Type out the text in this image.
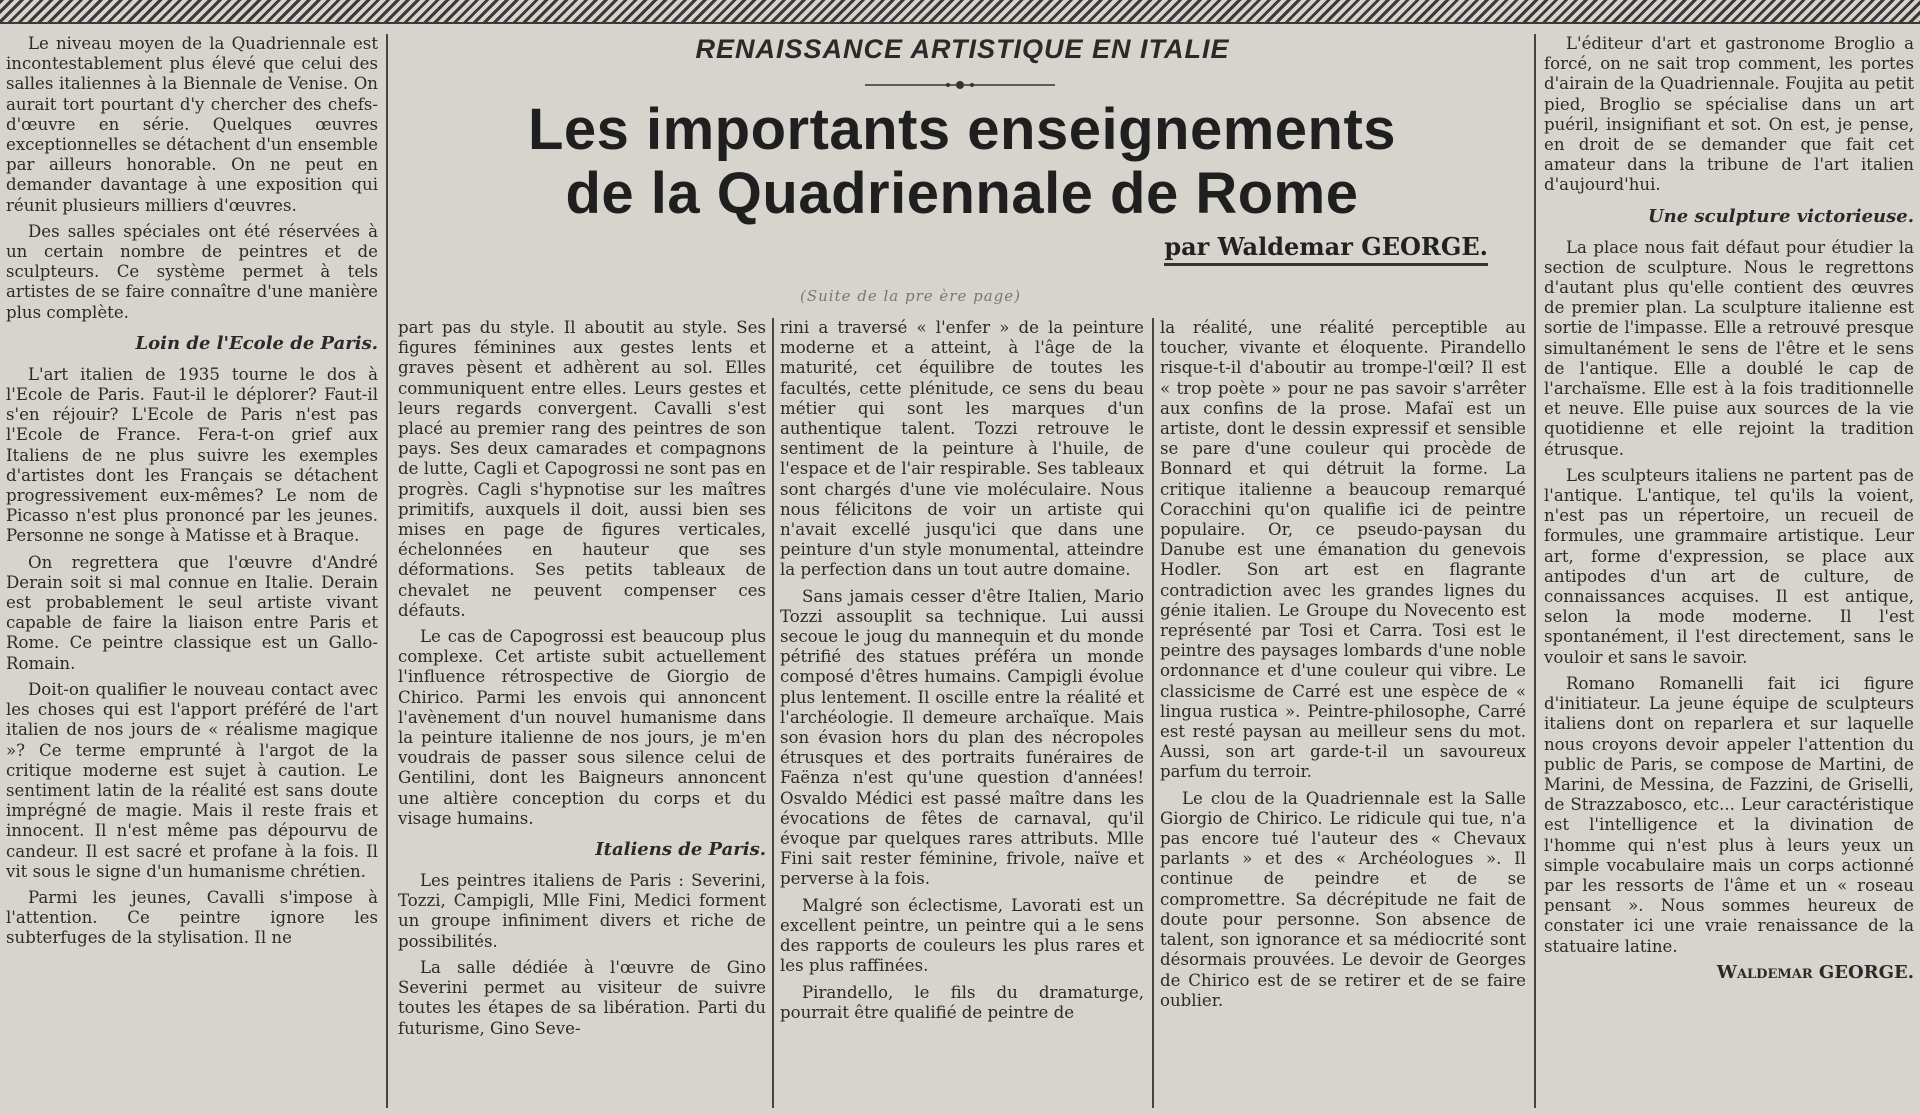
Le niveau moyen de la Quadriennale est incontestablement plus élevé que celui des salles italiennes à la Biennale de Venise. On aurait tort pourtant d'y chercher des chefs-d'œuvre en série. Quelques œuvres exceptionnelles se détachent d'un ensemble par ailleurs honorable. On ne peut en demander davantage à une exposition qui réunit plusieurs milliers d'œuvres.

Des salles spéciales ont été réservées à un certain nombre de peintres et de sculpteurs. Ce système permet à tels artistes de se faire connaître d'une manière plus complète.

Loin de l'Ecole de Paris.

L'art italien de 1935 tourne le dos à l'Ecole de Paris. Faut-il le déplorer? Faut-il s'en réjouir? L'Ecole de Paris n'est pas l'Ecole de France. Fera-t-on grief aux Italiens de ne plus suivre les exemples d'artistes dont les Français se détachent progressivement eux-mêmes? Le nom de Picasso n'est plus prononcé par les jeunes. Personne ne songe à Matisse et à Braque.

On regrettera que l'œuvre d'André Derain soit si mal connue en Italie. Derain est probablement le seul artiste vivant capable de faire la liaison entre Paris et Rome. Ce peintre classique est un Gallo-Romain.

Doit-on qualifier le nouveau contact avec les choses qui est l'apport préféré de l'art italien de nos jours de « réalisme magique »? Ce terme emprunté à l'argot de la critique moderne est sujet à caution. Le sentiment latin de la réalité est sans doute imprégné de magie. Mais il reste frais et innocent. Il n'est même pas dépourvu de candeur. Il est sacré et profane à la fois. Il vit sous le signe d'un humanisme chrétien.

Parmi les jeunes, Cavalli s'impose à l'attention. Ce peintre ignore les subterfuges de la stylisation. Il ne

RENAISSANCE ARTISTIQUE EN ITALIE
Les importants enseignements
de la Quadriennale de Rome
par Waldemar GEORGE.
(Suite de la pre ère page)

part pas du style. Il aboutit au style. Ses figures féminines aux gestes lents et graves pèsent et adhèrent au sol. Elles communiquent entre elles. Leurs gestes et leurs regards convergent. Cavalli s'est placé au premier rang des peintres de son pays. Ses deux camarades et compagnons de lutte, Cagli et Capogrossi ne sont pas en progrès. Cagli s'hypnotise sur les maîtres primitifs, auxquels il doit, aussi bien ses mises en page de figures verticales, échelonnées en hauteur que ses déformations. Ses petits tableaux de chevalet ne peuvent compenser ces défauts.

Le cas de Capogrossi est beaucoup plus complexe. Cet artiste subit actuellement l'influence rétrospective de Giorgio de Chirico. Parmi les envois qui annoncent l'avènement d'un nouvel humanisme dans la peinture italienne de nos jours, je m'en voudrais de passer sous silence celui de Gentilini, dont les Baigneurs annoncent une altière conception du corps et du visage humains.

Italiens de Paris.

Les peintres italiens de Paris : Severini, Tozzi, Campigli, Mlle Fini, Medici forment un groupe infiniment divers et riche de possibilités.

La salle dédiée à l'œuvre de Gino Severini permet au visiteur de suivre toutes les étapes de sa libération. Parti du futurisme, Gino Seve-

rini a traversé « l'enfer » de la peinture moderne et a atteint, à l'âge de la maturité, cet équilibre de toutes les facultés, cette plénitude, ce sens du beau métier qui sont les marques d'un authentique talent. Tozzi retrouve le sentiment de la peinture à l'huile, de l'espace et de l'air respirable. Ses tableaux sont chargés d'une vie moléculaire. Nous nous félicitons de voir un artiste qui n'avait excellé jusqu'ici que dans une peinture d'un style monumental, atteindre la perfection dans un tout autre domaine.

Sans jamais cesser d'être Italien, Mario Tozzi assouplit sa technique. Lui aussi secoue le joug du mannequin et du monde pétrifié des statues préféra un monde composé d'êtres humains. Campigli évolue plus lentement. Il oscille entre la réalité et l'archéologie. Il demeure archaïque. Mais son évasion hors du plan des nécropoles étrusques et des portraits funéraires de Faënza n'est qu'une question d'années! Osvaldo Médici est passé maître dans les évocations de fêtes de carnaval, qu'il évoque par quelques rares attributs. Mlle Fini sait rester féminine, frivole, naïve et perverse à la fois.

Malgré son éclectisme, Lavorati est un excellent peintre, un peintre qui a le sens des rapports de couleurs les plus rares et les plus raffinées.

Pirandello, le fils du dramaturge, pourrait être qualifié de peintre de

la réalité, une réalité perceptible au toucher, vivante et éloquente. Pirandello risque-t-il d'aboutir au trompe-l'œil? Il est « trop poète » pour ne pas savoir s'arrêter aux confins de la prose. Mafaï est un artiste, dont le dessin expressif et sensible se pare d'une couleur qui procède de Bonnard et qui détruit la forme. La critique italienne a beaucoup remarqué Coracchini qu'on qualifie ici de peintre populaire. Or, ce pseudo-paysan du Danube est une émanation du genevois Hodler. Son art est en flagrante contradiction avec les grandes lignes du génie italien. Le Groupe du Novecento est représenté par Tosi et Carra. Tosi est le peintre des paysages lombards d'une noble ordonnance et d'une couleur qui vibre. Le classicisme de Carré est une espèce de « lingua rustica ». Peintre-philosophe, Carré est resté paysan au meilleur sens du mot. Aussi, son art garde-t-il un savoureux parfum du terroir.

Le clou de la Quadriennale est la Salle Giorgio de Chirico. Le ridicule qui tue, n'a pas encore tué l'auteur des « Chevaux parlants » et des « Archéologues ». Il continue de peindre et de se compromettre. Sa décrépitude ne fait de doute pour personne. Son absence de talent, son ignorance et sa médiocrité sont désormais prouvées. Le devoir de Georges de Chirico est de se retirer et de se faire oublier.

L'éditeur d'art et gastronome Broglio a forcé, on ne sait trop comment, les portes d'airain de la Quadriennale. Foujita au petit pied, Broglio se spécialise dans un art puéril, insignifiant et sot. On est, je pense, en droit de se demander que fait cet amateur dans la tribune de l'art italien d'aujourd'hui.

Une sculpture victorieuse.

La place nous fait défaut pour étudier la section de sculpture. Nous le regrettons d'autant plus qu'elle contient des œuvres de premier plan. La sculpture italienne est sortie de l'impasse. Elle a retrouvé presque simultanément le sens de l'être et le sens de l'antique. Elle a doublé le cap de l'archaïsme. Elle est à la fois traditionnelle et neuve. Elle puise aux sources de la vie quotidienne et elle rejoint la tradition étrusque.

Les sculpteurs italiens ne partent pas de l'antique. L'antique, tel qu'ils la voient, n'est pas un répertoire, un recueil de formules, une grammaire artistique. Leur art, forme d'expression, se place aux antipodes d'un art de culture, de connaissances acquises. Il est antique, selon la mode moderne. Il l'est spontanément, il l'est directement, sans le vouloir et sans le savoir.

Romano Romanelli fait ici figure d'initiateur. La jeune équipe de sculpteurs italiens dont on reparlera et sur laquelle nous croyons devoir appeler l'attention du public de Paris, se compose de Martini, de Marini, de Messina, de Fazzini, de Griselli, de Strazzabosco, etc... Leur caractéristique est l'intelligence et la divination de l'homme qui n'est plus à leurs yeux un simple vocabulaire mais un corps actionné par les ressorts de l'âme et un « roseau pensant ». Nous sommes heureux de constater ici une vraie renaissance de la statuaire latine.

Waldemar GEORGE.
